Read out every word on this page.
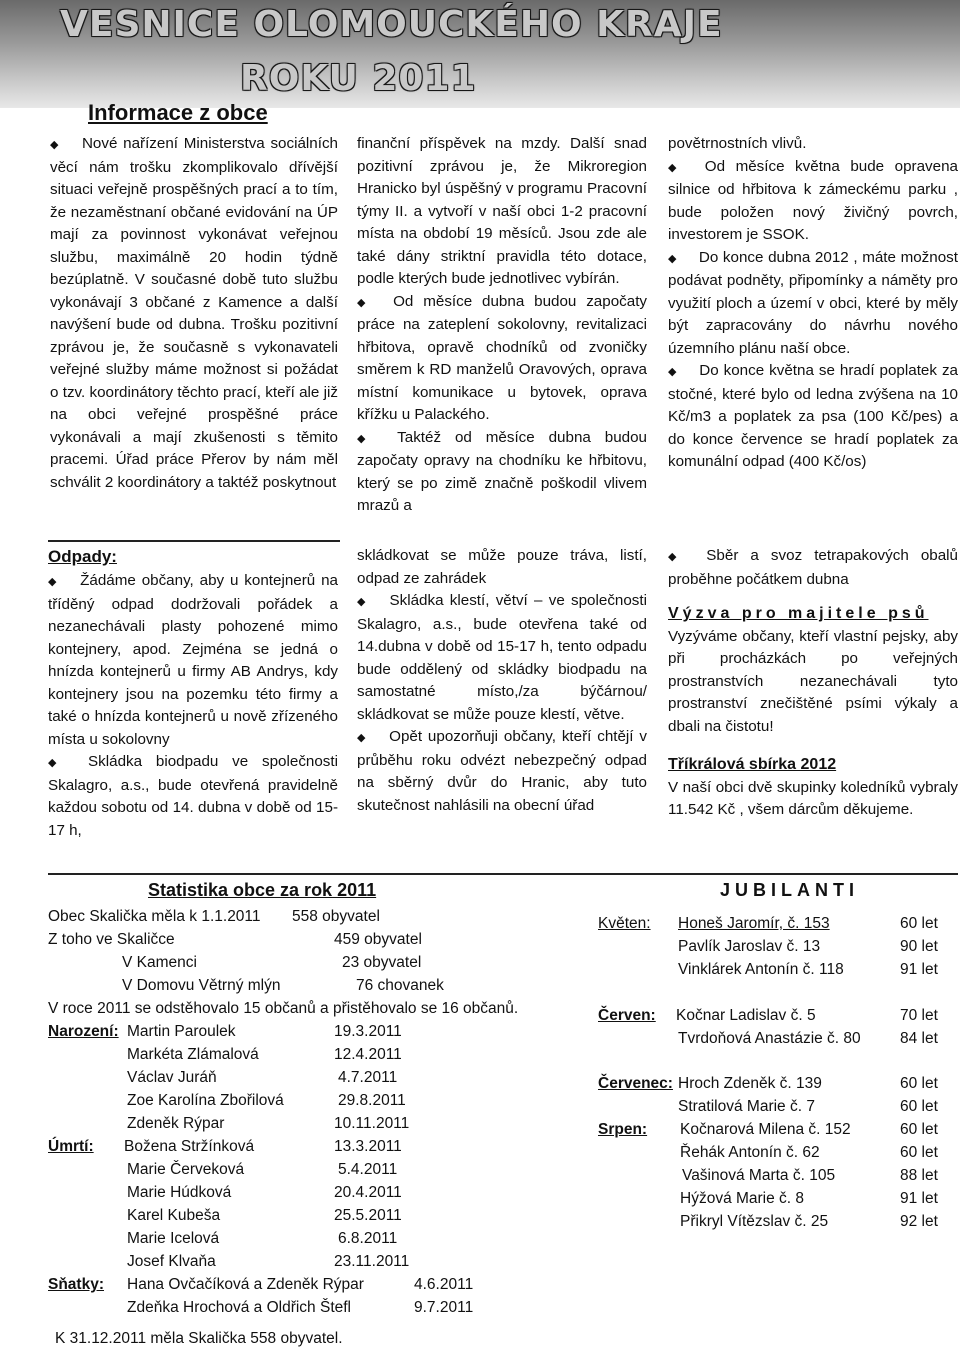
VESNICE OLOMOUCKÉHO KRAJE
ROKU 2011
Informace z obce

◆ Nové nařízení Ministerstva sociálních věcí nám trošku zkomplikovalo dřívější situaci veřejně prospěšných prací a to tím, že nezaměstnaní občané evidování na ÚP mají za povinnost vykonávat veřejnou službu, maximálně 20 hodin týdně bezúplatně. V současné době tuto službu vykonávají 3 občané z Kamence a další navýšení bude od dubna. Trošku pozitivní zprávou je, že současně s vykonavateli veřejné služby máme možnost si požádat o tzv. koordinátory těchto prací, kteří ale již na obci veřejné prospěšné práce vykonávali a mají zkušenosti s těmito pracemi. Úřad práce Přerov by nám měl schválit 2 koordinátory a taktéž poskytnout

finanční příspěvek na mzdy. Další snad pozitivní zprávou je, že Mikroregion Hranicko byl úspěšný v programu Pracovní týmy II. a vytvoří v naší obci 1-2 pracovní místa na období 19 měsíců. Jsou zde ale také dány striktní pravidla této dotace, podle kterých bude jednotlivec vybírán.

◆ Od měsíce dubna budou započaty práce na zateplení sokolovny, revitalizaci hřbitova, opravě chodníků od zvoničky směrem k RD manželů Oravových, oprava místní komunikace u bytovek, oprava křížku u Palackého.

◆ Taktéž od měsíce dubna budou započaty opravy na chodníku ke hřbitovu, který se po zimě značně poškodil vlivem mrazů a

povětrnostních vlivů.

◆ Od měsíce května bude opravena silnice od hřbitova k zámeckému parku , bude položen nový živičný povrch, investorem je SSOK.

◆ Do konce dubna 2012 , máte možnost podávat podněty, připomínky a náměty pro využití ploch a území v obci, které by měly být zapracovány do návrhu nového územního plánu naší obce.

◆ Do konce května se hradí poplatek za stočné, které bylo od ledna zvýšena na 10 Kč/m3 a poplatek za psa (100 Kč/pes) a do konce července se hradí poplatek za komunální odpad (400 Kč/os)

Odpady:

◆ Žádáme občany, aby u kontejnerů na tříděný odpad dodržovali pořádek a nezanechávali plasty pohozené mimo kontejnery, apod. Zejména se jedná o hnízda kontejnerů u firmy AB Andrys, kdy kontejnery jsou na pozemku této firmy a také o hnízda kontejnerů u nově zřízeného místa u sokolovny

◆ Skládka biodpadu ve společnosti Skalagro, a.s., bude otevřená pravidelně každou sobotu od 14. dubna v době od 15-17 h,

skládkovat se může pouze tráva, listí, odpad ze zahrádek

◆ Skládka klestí, větví – ve společnosti Skalagro, a.s., bude otevřena také od 14.dubna v době od 15-17 h, tento odpadu bude oddělený od skládky biodpadu na samostatné místo,/za býčárnou/ skládkovat se může pouze klestí, větve.

◆ Opět upozorňuji občany, kteří chtějí v průběhu roku odvézt nebezpečný odpad na sběrný dvůr do Hranic, aby tuto skutečnost nahlásili na obecní úřad

◆ Sběr a svoz tetrapakových obalů proběhne počátkem dubna

Výzva pro majitele psů

Vyzýváme občany, kteří vlastní pejsky, aby při procházkách po veřejných prostranstvích nezanechávali tyto prostranství znečištěné psími výkaly a dbali na čistotu!

Tříkrálová sbírka 2012

V naší obci dvě skupinky koledníků vybraly 11.542 Kč , všem dárcům děkujeme.

Statistika obce za rok 2011
Obec Skalička měla k 1.1.2011 558 obyvatel
Z toho ve Skaličce	459 obyvatel
V Kamenci	23 obyvatel
V Domovu Větrný mlýn	76 chovanek
V roce 2011 se odstěhovalo 15 občanů a přistěhovalo se 16 občanů.
Narození: Martin Paroulek	19.3.2011
Markéta Zlámalová	12.4.2011
Václav Juráň	4.7.2011
Zoe Karolína Zbořilová	29.8.2011
Zdeněk Rýpar	10.11.2011
Úmrtí: Božena Stržínková	13.3.2011
Marie Červeková	5.4.2011
Marie Húdková	20.4.2011
Karel Kubeša	25.5.2011
Marie Icelová	6.8.2011
Josef Klvaňa	23.11.2011
Sňatky: Hana Ovčačíková a Zdeněk Rýpar	4.6.2011
Zdeňka Hrochová a Oldřich Štefl	9.7.2011
K 31.12.2011 měla Skalička 558 obyvatel.
JUBILANTI
Květen: Honeš Jaromír, č. 153	60 let
Pavlík Jaroslav č. 13	90 let
Vinklárek Antonín č. 118	91 let
Červen: Kočnar Ladislav č. 5	70 let
Tvrdoňová Anastázie č. 80	84 let
Červenec: Hroch Zdeněk č. 139	60 let
Stratilová Marie č. 7	60 let
Srpen: Kočnarová Milena č. 152	60 let
Řehák Antonín č. 62	60 let
Vašinová Marta č. 105	88 let
Hýžová Marie č. 8	91 let
Přikryl Vítězslav č. 25	92 let
